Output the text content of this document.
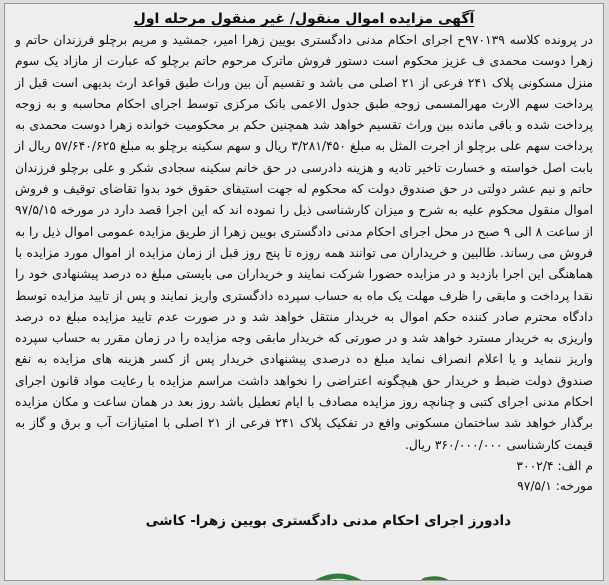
آگهی مزایده اموال منقول/ غیر منقول مرحله اول

در پرونده کلاسه ۹۷۰۱۳۹ح اجرای احکام مدنی دادگستری بویین زهرا امیر، جمشید و مریم برچلو فرزندان حاتم و زهرا دوست محمدی ف عزیز محکوم است دستور فروش ماترک مرحوم حاتم برچلو که عبارت از مازاد یک سوم منزل مسکونی پلاک ۲۴۱ فرعی از ۲۱ اصلی می باشد و تقسیم آن بین وراث طبق قواعد ارث بدیهی است قبل از پرداخت سهم الارث مهرالمسمی زوجه طبق جدول الاعمی بانک مرکزی توسط اجرای احکام محاسبه و به زوجه پرداخت شده و باقی مانده بین وراث تقسیم خواهد شد همچنین حکم بر محکومیت خوانده زهرا دوست محمدی به پرداخت سهم علی برچلو از اجرت المثل به مبلغ ۳/۲۸۱/۴۵۰ ریال و سهم سکینه برچلو به مبلغ ۵۷/۶۴۰/۶۲۵ ریال از بابت اصل خواسته و خسارت تاخیر تادیه و هزینه دادرسی در حق خانم سکینه سجادی شکر و علی برچلو فرزندان حاتم و نیم عشر دولتی در حق صندوق دولت که محکوم له جهت استیفای حقوق خود بدوا تقاضای توقیف و فروش اموال منقول محکوم علیه به شرح و میزان کارشناسی ذیل را نموده اند که این اجرا قصد دارد در مورخه ۹۷/۵/۱۵ از ساعت ۸ الی ۹ صبح در محل اجرای احکام مدنی دادگستری بویین زهرا از طریق مزایده عمومی اموال ذیل را به فروش می رساند. طالبین و خریداران می توانند همه روزه تا پنج روز قبل از زمان مزایده از اموال مورد مزایده با هماهنگی این اجرا بازدید و در مزایده حضورا شرکت نمایند و خریداران می بایستی مبلغ ده درصد پیشنهادی خود را نقدا پرداخت و مابقی را ظرف مهلت یک ماه به حساب سپرده دادگستری واریز نمایند و پس از تایید مزایده توسط دادگاه محترم صادر کننده حکم اموال به خریدار منتقل خواهد شد و در صورت عدم تایید مزایده مبلغ ده درصد واریزی به خریدار مسترد خواهد شد و در صورتی که خریدار مابقی وجه مزایده را در زمان مقرر به حساب سپرده واریز ننماید و یا اعلام انصراف نماید مبلغ ده درصدی پیشنهادی خریدار پس از کسر هزینه های مزایده به نفع صندوق دولت ضبط و خریدار حق هیچگونه اعتراضی را نخواهد داشت مراسم مزایده با رعایت مواد قانون اجرای احکام مدنی اجرای کتبی و چنانچه روز مزایده مصادف با ایام تعطیل باشد روز بعد در همان ساعت و مکان مزایده برگذار خواهد شد ساختمان مسکونی واقع در تفکیک پلاک ۲۴۱ فرعی از ۲۱ اصلی با امتیازات آب و برق و گاز به قیمت کارشناسی ۳۶۰/۰۰۰/۰۰۰ ریال.

م الف: ۳۰۰۲/۴
مورخه: ۹۷/۵/۱
دادورز اجرای احکام مدنی دادگستری بویین زهرا- کاشی
